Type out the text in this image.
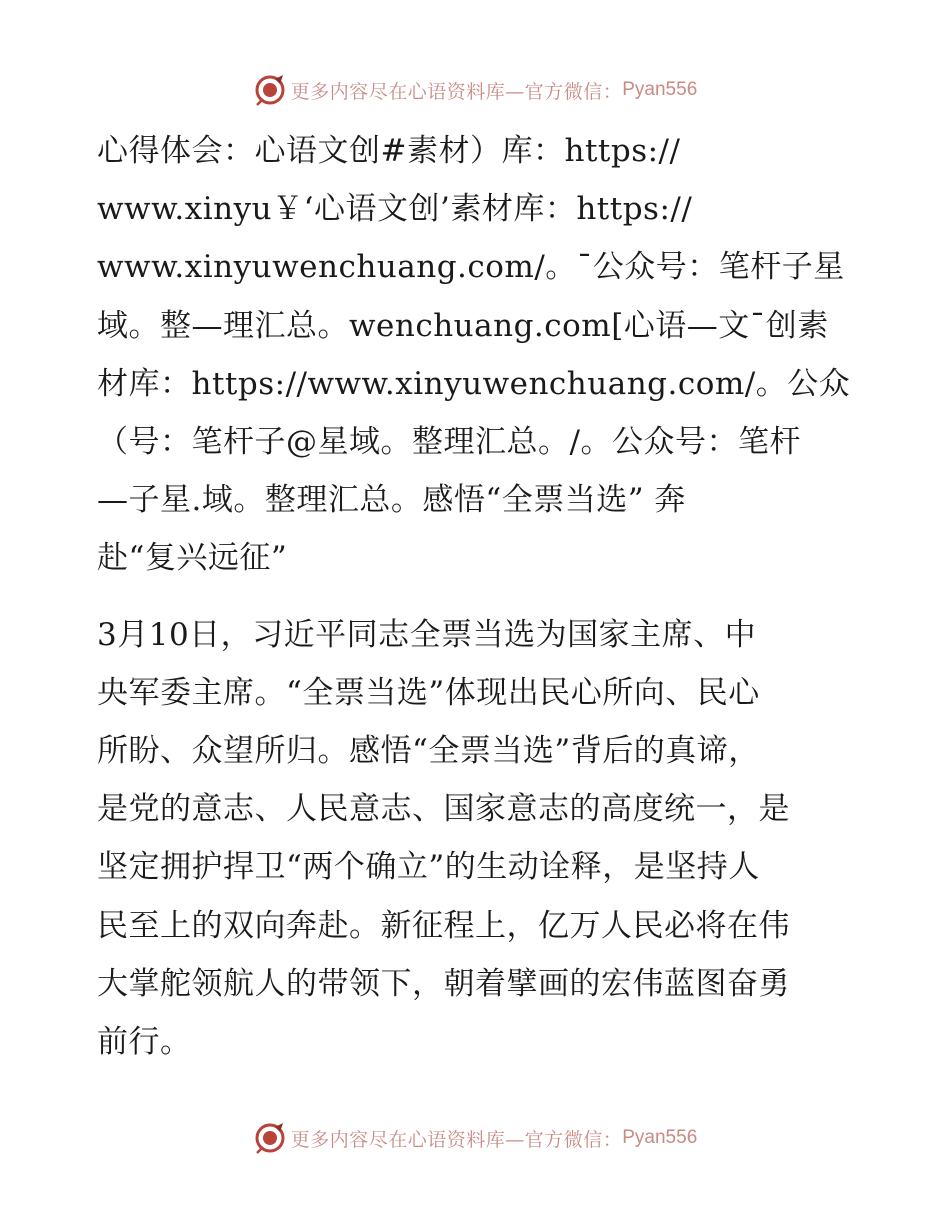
更多内容尽在心语资料库—官方微信： Pyan556

心得体会：心语文创#素材）库：https://
www.xinyu￥‘心语文创’素材库：https://
www.xinyuwenchuang.com/。¯公众号：笔杆子星
域。整—理汇总。wenchuang.com[心语—文¯创素
材库：https://www.xinyuwenchuang.com/。公众
（号：笔杆子@星域。整理汇总。/。公众号：笔杆
—子星.域。整理汇总。感悟“全票当选” 奔
赴“复兴远征”

3月10日，习近平同志全票当选为国家主席、中
央军委主席。“全票当选”体现出民心所向、民心
所盼、众望所归。感悟“全票当选”背后的真谛，
是党的意志、人民意志、国家意志的高度统一，是
坚定拥护捍卫“两个确立”的生动诠释，是坚持人
民至上的双向奔赴。新征程上，亿万人民必将在伟
大掌舵领航人的带领下，朝着擘画的宏伟蓝图奋勇
前行。

更多内容尽在心语资料库—官方微信： Pyan556
